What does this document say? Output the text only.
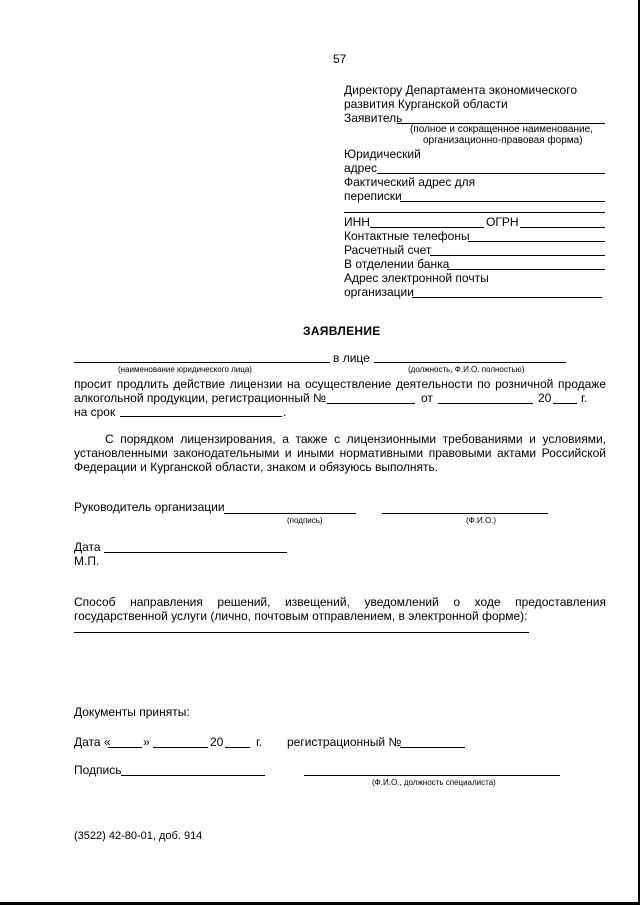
57
Директору Департамента экономического
развития Курганской области
Заявитель
(полное и сокращенное наименование,
организационно-правовая форма)
Юридический
адрес
Фактический адрес для
переписки
ИНН	ОГРН
Контактные телефоны
Расчетный счет
В отделении банка
Адрес электронной почты
организации
ЗАЯВЛЕНИЕ
в лице
(наименование юридического лица)	(должность, Ф.И.О. полностью)
просит продлить действие лицензии на осуществление деятельности по розничной продаже
алкогольной продукции, регистрационный №	от	20 г.
на срок	.
С порядком лицензирования, а также с лицензионными требованиями и условиями,
установленными законодательными и иными нормативными правовыми актами Российской
Федерации и Курганской области, знаком и обязуюсь выполнять.
Руководитель организации
(подпись)	(Ф.И.О.)
Дата
М.П.
Способ направления решений, извещений, уведомлений о ходе предоставления
государственной услуги (лично, почтовым отправлением, в электронной форме):
Документы приняты:
Дата «	»	20	г. регистрационный №
Подпись
(Ф.И.О., должность специалиста)
(3522) 42-80-01, доб. 914
